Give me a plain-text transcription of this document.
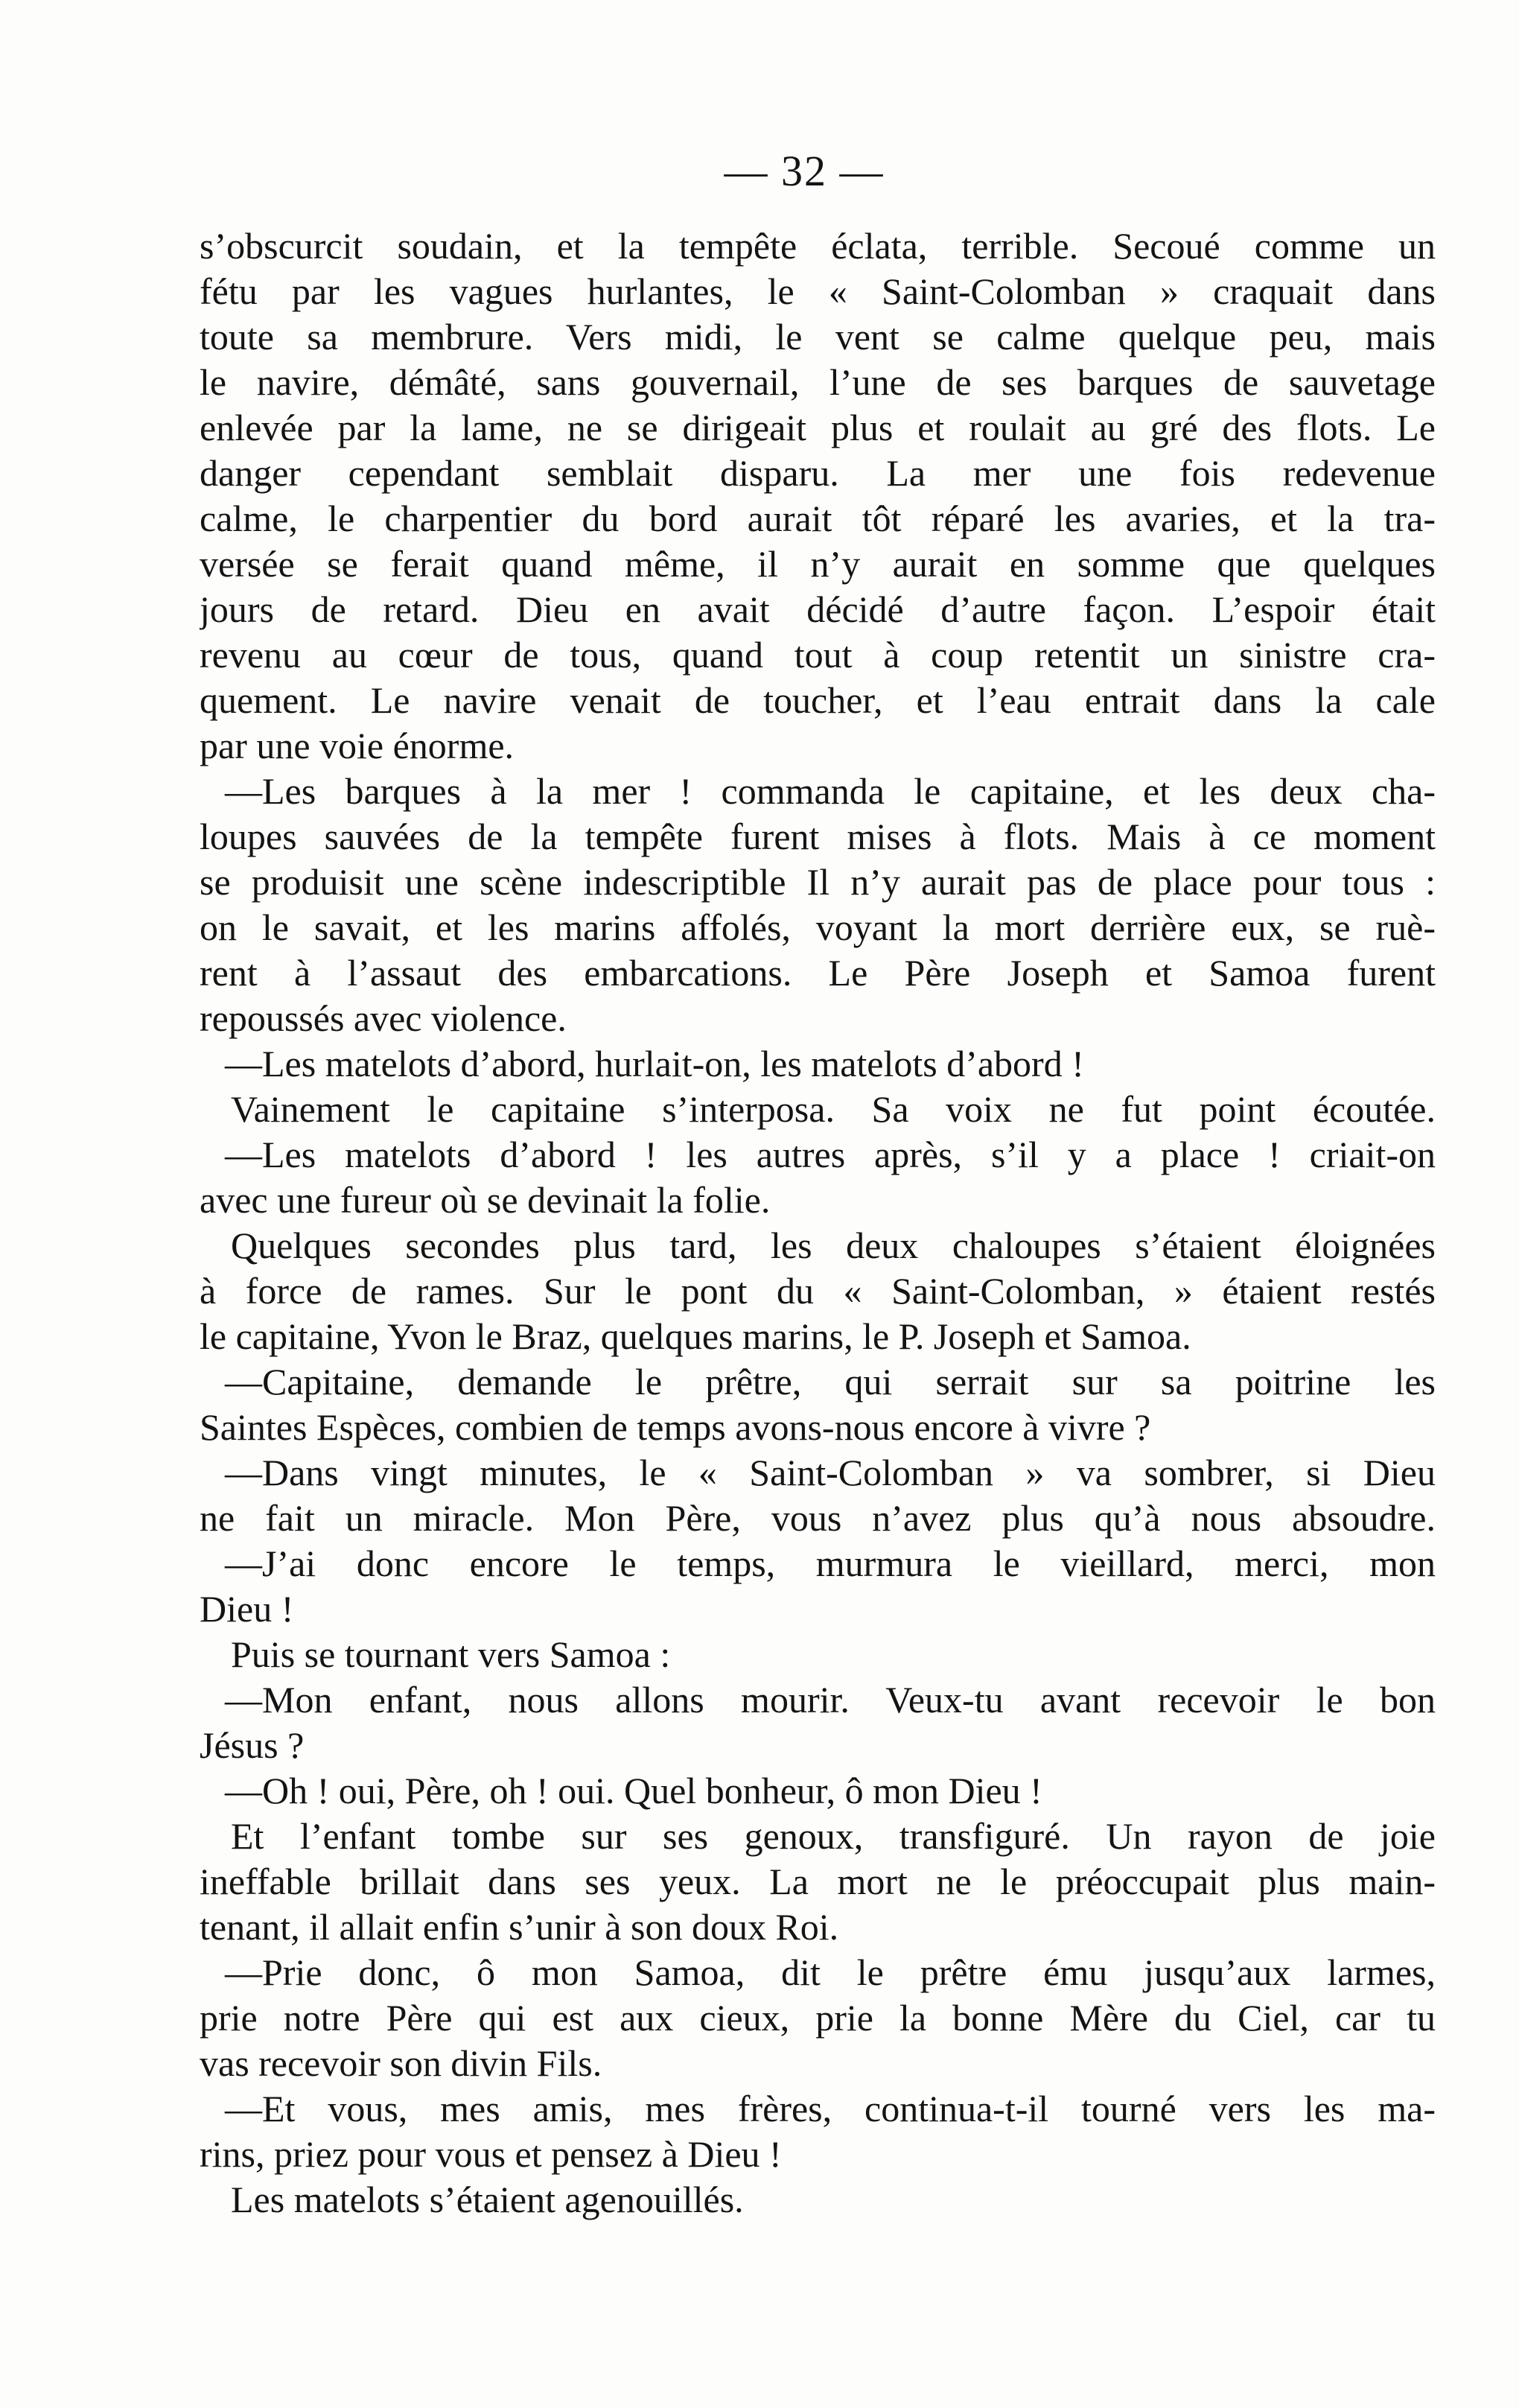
— 32 —
s’obscurcit soudain, et la tempête éclata, terrible. Secoué comme un
fétu par les vagues hurlantes, le « Saint-Colomban » craquait dans
toute sa membrure. Vers midi, le vent se calme quelque peu, mais
le navire, démâté, sans gouvernail, l’une de ses barques de sauvetage
enlevée par la lame, ne se dirigeait plus et roulait au gré des flots. Le
danger cependant semblait disparu. La mer une fois redevenue
calme, le charpentier du bord aurait tôt réparé les avaries, et la tra-
versée se ferait quand même, il n’y aurait en somme que quelques
jours de retard. Dieu en avait décidé d’autre façon. L’espoir était
revenu au cœur de tous, quand tout à coup retentit un sinistre cra-
quement. Le navire venait de toucher, et l’eau entrait dans la cale
par une voie énorme.
—Les barques à la mer ! commanda le capitaine, et les deux cha-
loupes sauvées de la tempête furent mises à flots. Mais à ce moment
se produisit une scène indescriptible Il n’y aurait pas de place pour tous :
on le savait, et les marins affolés, voyant la mort derrière eux, se ruè-
rent à l’assaut des embarcations. Le Père Joseph et Samoa furent
repoussés avec violence.
—Les matelots d’abord, hurlait-on, les matelots d’abord !
Vainement le capitaine s’interposa. Sa voix ne fut point écoutée.
—Les matelots d’abord ! les autres après, s’il y a place ! criait-on
avec une fureur où se devinait la folie.
Quelques secondes plus tard, les deux chaloupes s’étaient éloignées
à force de rames. Sur le pont du « Saint-Colomban, » étaient restés
le capitaine, Yvon le Braz, quelques marins, le P. Joseph et Samoa.
—Capitaine, demande le prêtre, qui serrait sur sa poitrine les
Saintes Espèces, combien de temps avons-nous encore à vivre ?
—Dans vingt minutes, le « Saint-Colomban » va sombrer, si Dieu
ne fait un miracle. Mon Père, vous n’avez plus qu’à nous absoudre.
—J’ai donc encore le temps, murmura le vieillard, merci, mon
Dieu !
Puis se tournant vers Samoa :
—Mon enfant, nous allons mourir. Veux-tu avant recevoir le bon
Jésus ?
—Oh ! oui, Père, oh ! oui. Quel bonheur, ô mon Dieu !
Et l’enfant tombe sur ses genoux, transfiguré. Un rayon de joie
ineffable brillait dans ses yeux. La mort ne le préoccupait plus main-
tenant, il allait enfin s’unir à son doux Roi.
—Prie donc, ô mon Samoa, dit le prêtre ému jusqu’aux larmes,
prie notre Père qui est aux cieux, prie la bonne Mère du Ciel, car tu
vas recevoir son divin Fils.
—Et vous, mes amis, mes frères, continua-t-il tourné vers les ma-
rins, priez pour vous et pensez à Dieu !
Les matelots s’étaient agenouillés.
